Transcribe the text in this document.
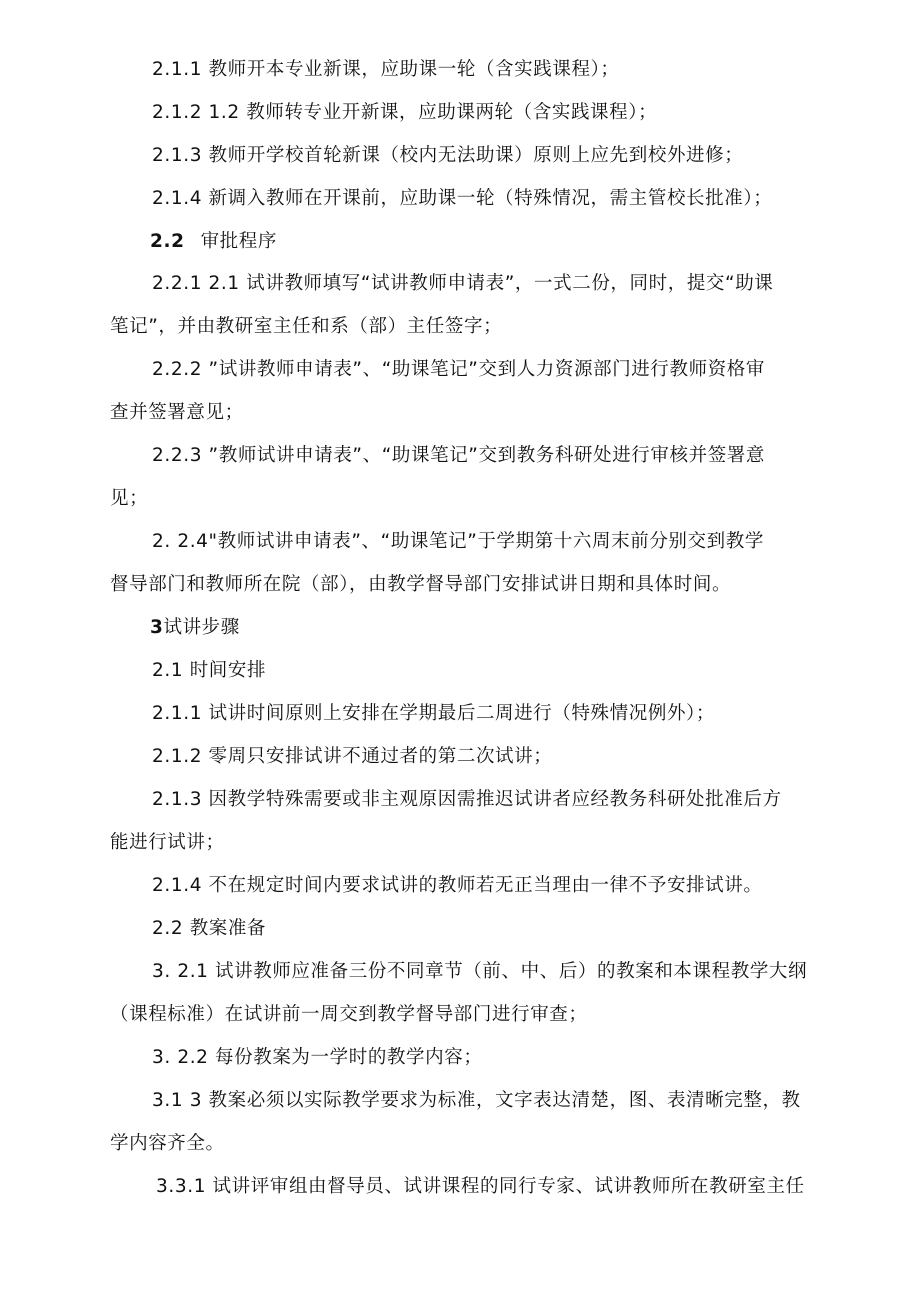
2.1.1 教师开本专业新课，应助课一轮（含实践课程）；
2.1.2 1.2 教师转专业开新课，应助课两轮（含实践课程）；
2.1.3 教师开学校首轮新课（校内无法助课）原则上应先到校外进修；
2.1.4 新调入教师在开课前，应助课一轮（特殊情况，需主管校长批准）；
2.2 审批程序
2.2.1 2.1 试讲教师填写“试讲教师申请表”，一式二份，同时，提交“助课
笔记”，并由教研室主任和系（部）主任签字；
2.2.2 ”试讲教师申请表”、“助课笔记”交到人力资源部门进行教师资格审
查并签署意见；
2.2.3 ”教师试讲申请表”、“助课笔记”交到教务科研处进行审核并签署意
见；
2. 2.4"教师试讲申请表”、“助课笔记”于学期第十六周末前分别交到教学
督导部门和教师所在院（部），由教学督导部门安排试讲日期和具体时间。
3试讲步骤
2.1 时间安排
2.1.1 试讲时间原则上安排在学期最后二周进行（特殊情况例外）；
2.1.2 零周只安排试讲不通过者的第二次试讲；
2.1.3 因教学特殊需要或非主观原因需推迟试讲者应经教务科研处批准后方
能进行试讲；
2.1.4 不在规定时间内要求试讲的教师若无正当理由一律不予安排试讲。
2.2 教案准备
3. 2.1 试讲教师应准备三份不同章节（前、中、后）的教案和本课程教学大纲
（课程标准）在试讲前一周交到教学督导部门进行审查；
3. 2.2 每份教案为一学时的教学内容；
3.1 3 教案必须以实际教学要求为标准，文字表达清楚，图、表清晰完整，教
学内容齐全。
3.3.1 试讲评审组由督导员、试讲课程的同行专家、试讲教师所在教研室主任
